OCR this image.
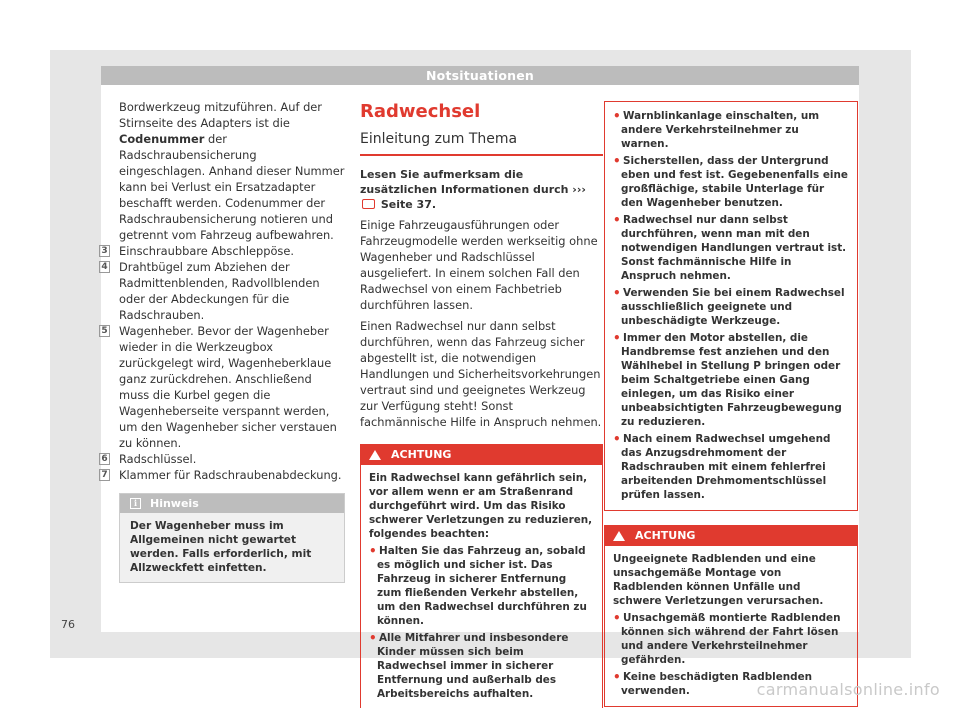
Notsituationen

Bordwerkzeug mitzuführen. Auf der Stirnseite des Adapters ist die Codenummer der Radschraubensicherung eingeschlagen. Anhand dieser Nummer kann bei Verlust ein Ersatzadapter beschafft werden. Codenummer der Radschraubensicherung notieren und getrennt vom Fahrzeug aufbewahren.

3 Einschraubbare Abschleppöse.
4 Drahtbügel zum Abziehen der Radmittenblenden, Radvollblenden oder der Abdeckungen für die Radschrauben.
5 Wagenheber. Bevor der Wagenheber wieder in die Werkzeugbox zurückgelegt wird, Wagenheberklaue ganz zurückdrehen. Anschließend muss die Kurbel gegen die Wagenheberseite verspannt werden, um den Wagenheber sicher verstauen zu können.
6 Radschlüssel.
7 Klammer für Radschraubenabdeckung.
i	Hinweis
Der Wagenheber muss im Allgemeinen nicht gewartet werden. Falls erforderlich, mit Allzweckfett einfetten.
Radwechsel
Einleitung zum Thema

Lesen Sie aufmerksam die zusätzlichen Informationen durch ›››  Seite 37.

Einige Fahrzeugausführungen oder Fahrzeugmodelle werden werkseitig ohne Wagenheber und Radschlüssel ausgeliefert. In einem solchen Fall den Radwechsel von einem Fachbetrieb durchführen lassen.

Einen Radwechsel nur dann selbst durchführen, wenn das Fahrzeug sicher abgestellt ist, die notwendigen Handlungen und Sicherheitsvorkehrungen vertraut sind und geeignetes Werkzeug zur Verfügung steht! Sonst fachmännische Hilfe in Anspruch nehmen.

ACHTUNG
Ein Radwechsel kann gefährlich sein, vor allem wenn er am Straßenrand durchgeführt wird. Um das Risiko schwerer Verletzungen zu reduzieren, folgendes beachten:
• Halten Sie das Fahrzeug an, sobald es möglich und sicher ist. Das Fahrzeug in sicherer Entfernung zum fließenden Verkehr abstellen, um den Radwechsel durchführen zu können.
• Alle Mitfahrer und insbesondere Kinder müssen sich beim Radwechsel immer in sicherer Entfernung und außerhalb des Arbeitsbereichs aufhalten.
• Warnblinkanlage einschalten, um andere Verkehrsteilnehmer zu warnen.
• Sicherstellen, dass der Untergrund eben und fest ist. Gegebenenfalls eine großflächige, stabile Unterlage für den Wagenheber benutzen.
• Radwechsel nur dann selbst durchführen, wenn man mit den notwendigen Handlungen vertraut ist. Sonst fachmännische Hilfe in Anspruch nehmen.
• Verwenden Sie bei einem Radwechsel ausschließlich geeignete und unbeschädigte Werkzeuge.
• Immer den Motor abstellen, die Handbremse fest anziehen und den Wählhebel in Stellung P bringen oder beim Schaltgetriebe einen Gang einlegen, um das Risiko einer unbeabsichtigten Fahrzeugbewegung zu reduzieren.
• Nach einem Radwechsel umgehend das Anzugsdrehmoment der Radschrauben mit einem fehlerfrei arbeitenden Drehmomentschlüssel prüfen lassen.
ACHTUNG
Ungeeignete Radblenden und eine unsachgemäße Montage von Radblenden können Unfälle und schwere Verletzungen verursachen.
• Unsachgemäß montierte Radblenden können sich während der Fahrt lösen und andere Verkehrsteilnehmer gefährden.
• Keine beschädigten Radblenden verwenden.
76
carmanualsonline.info
